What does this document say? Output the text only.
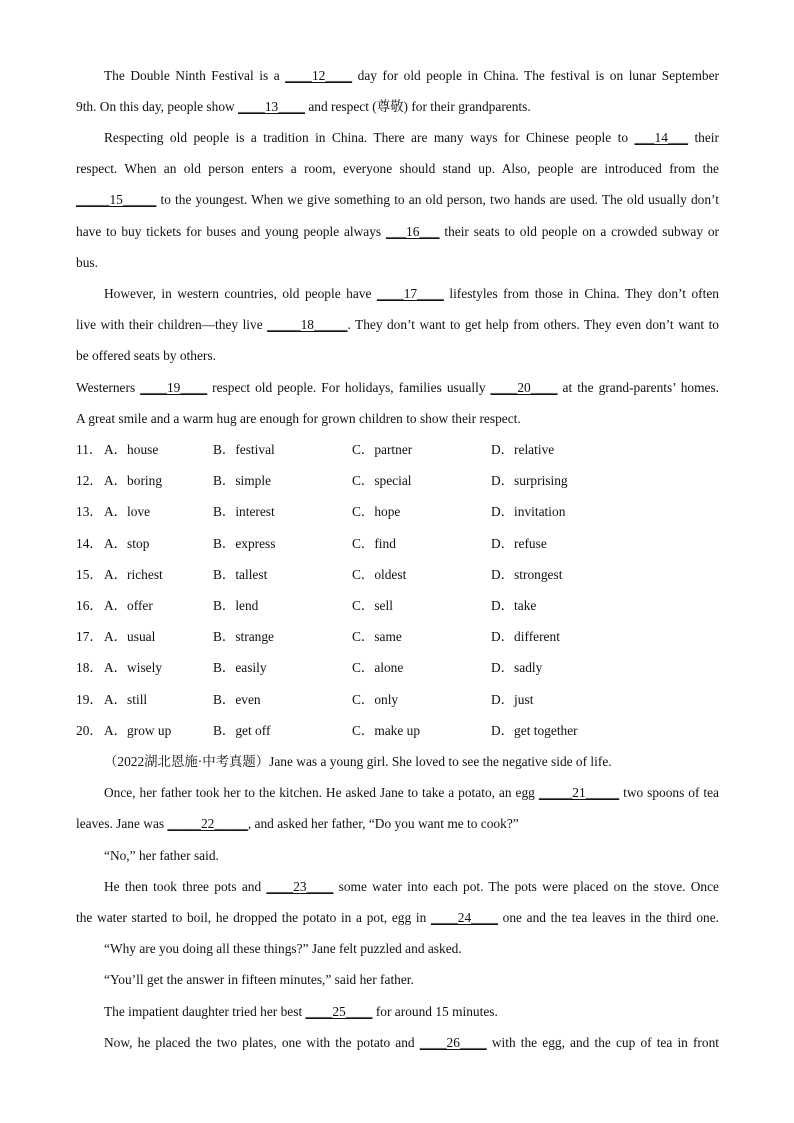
The Double Ninth Festival is a ____12____ day for old people in China. The festival is on lunar September
9th. On this day, people show ____13____ and respect (尊敬) for their grandparents.
Respecting old people is a tradition in China. There are many ways for Chinese people to ___14___ their
respect. When an old person enters a room, everyone should stand up. Also, people are introduced from the
_____15_____ to the youngest. When we give something to an old person, two hands are used. The old usually don’t
have to buy tickets for buses and young people always ___16___ their seats to old people on a crowded subway or
bus.
However, in western countries, old people have ____17____ lifestyles from those in China. They don’t often
live with their children—they live _____18_____. They don’t want to get help from others. They even don’t want to
be offered seats by others.
Westerners ____19____ respect old people. For holidays, families usually ____20____ at the grand-parents’ homes.
A great smile and a warm hug are enough for grown children to show their respect.
11． A．house	B．festival	C．partner	D．relative
12． A．boring	B．simple	C．special	D．surprising
13． A．love	B．interest	C．hope	D．invitation
14． A．stop	B．express	C．find	D．refuse
15． A．richest	B．tallest	C．oldest	D．strongest
16． A．offer	B．lend	C．sell	D．take
17． A．usual	B．strange	C．same	D．different
18． A．wisely	B．easily	C．alone	D．sadly
19． A．still	B．even	C．only	D．just
20． A．grow up	B．get off	C．make up	D．get together
（2022湖北恩施·中考真题）Jane was a young girl. She loved to see the negative side of life.
Once, her father took her to the kitchen. He asked Jane to take a potato, an egg _____21_____ two spoons of tea
leaves. Jane was _____22_____, and asked her father, “Do you want me to cook?”
“No,” her father said.
He then took three pots and ____23____ some water into each pot. The pots were placed on the stove. Once
the water started to boil, he dropped the potato in a pot, egg in ____24____ one and the tea leaves in the third one.
“Why are you doing all these things?” Jane felt puzzled and asked.
“You’ll get the answer in fifteen minutes,” said her father.
The impatient daughter tried her best ____25____ for around 15 minutes.
Now, he placed the two plates, one with the potato and ____26____ with the egg, and the cup of tea in front
